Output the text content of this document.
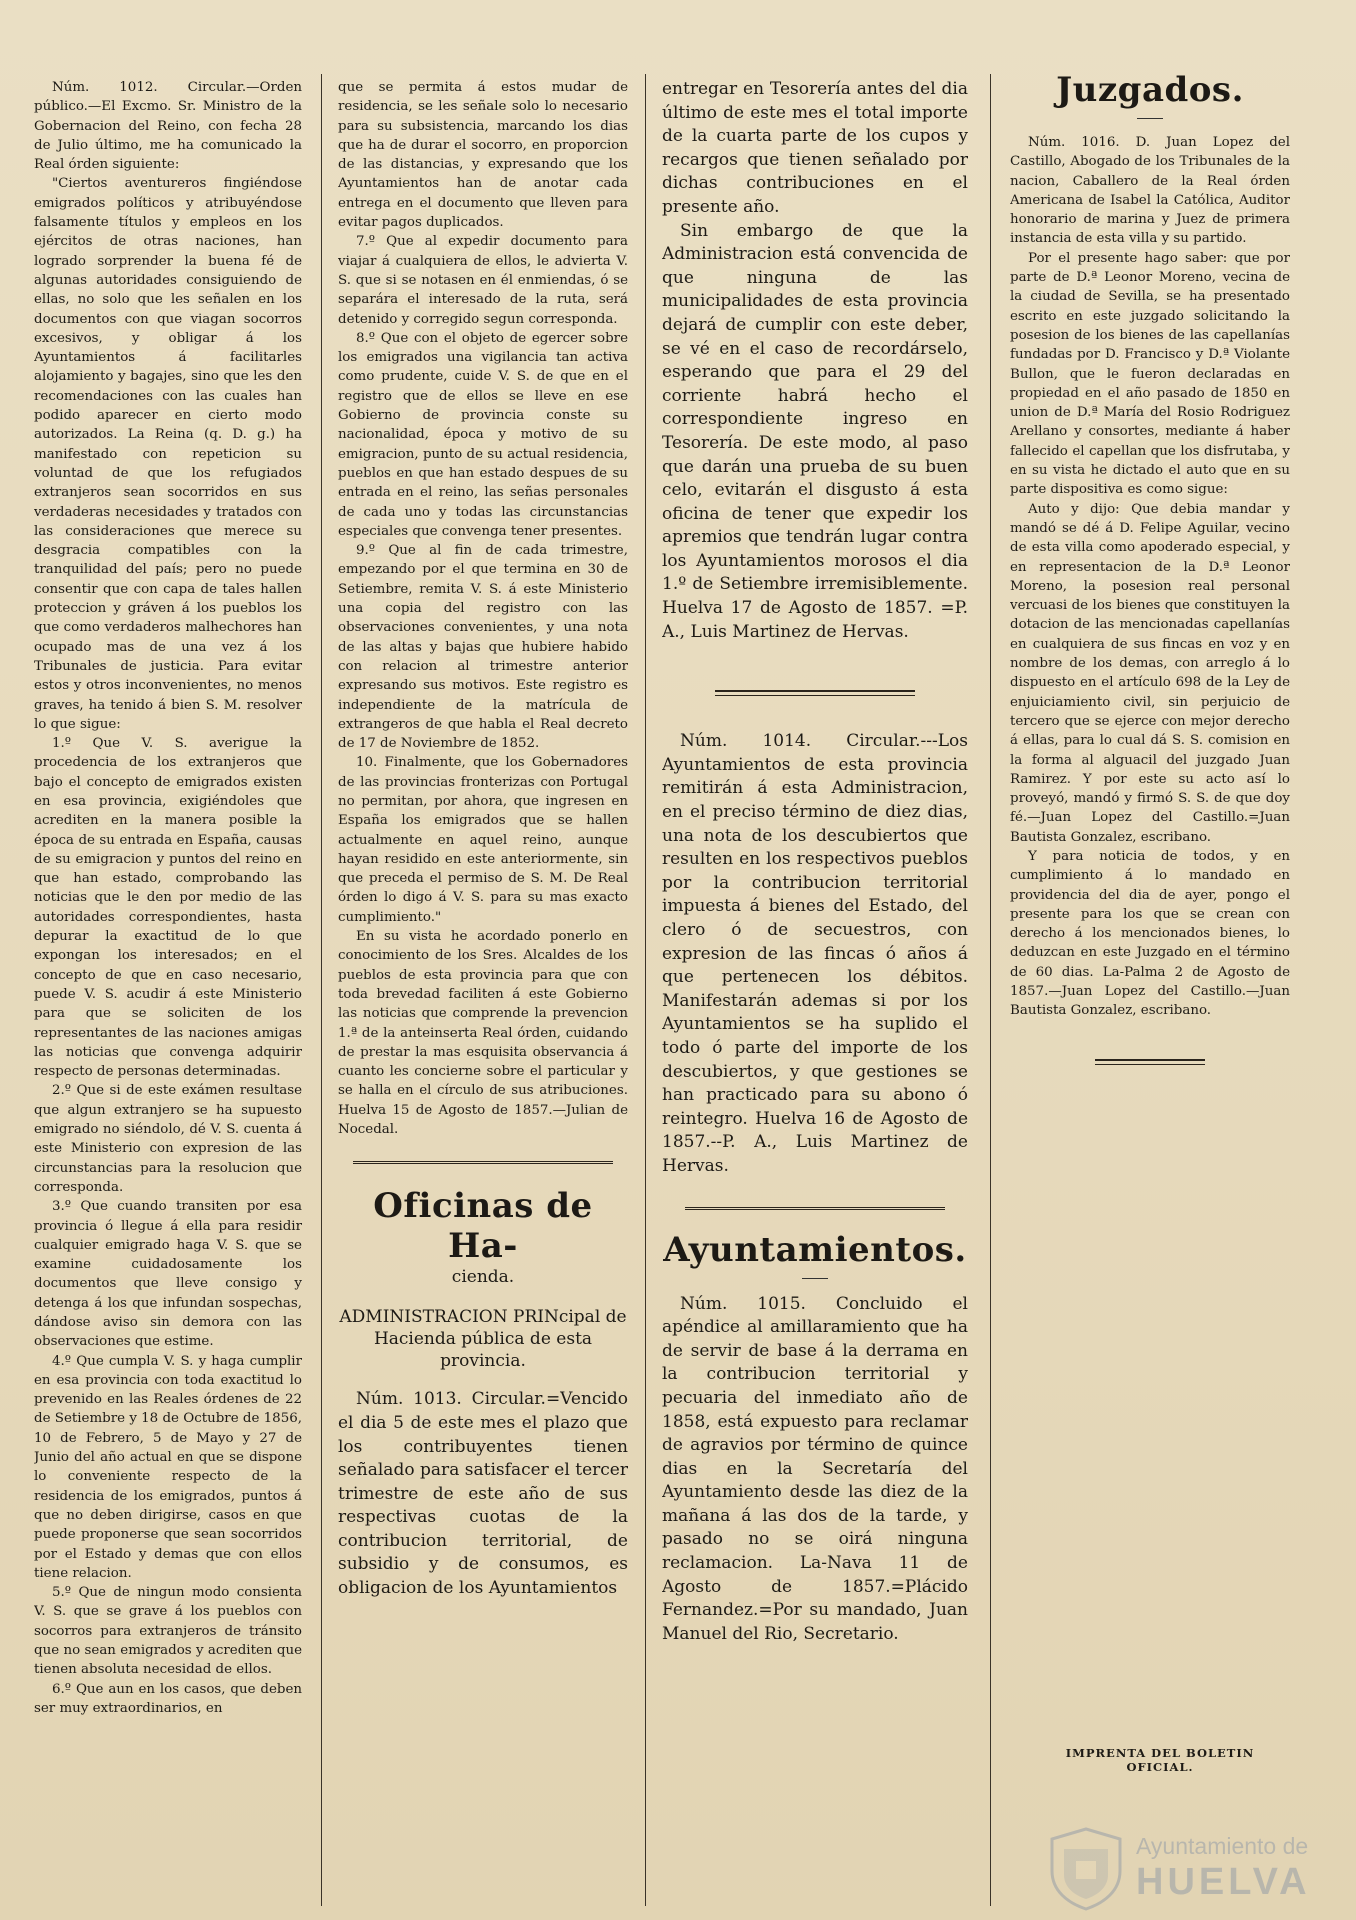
Núm. 1012. Circular.—Orden público.—El Excmo. Sr. Ministro de la Gobernacion del Reino, con fecha 28 de Julio último, me ha comunicado la Real órden siguiente:

"Ciertos aventureros fingiéndose emigrados políticos y atribuyéndose falsamente títulos y empleos en los ejércitos de otras naciones, han logrado sorprender la buena fé de algunas autoridades consiguiendo de ellas, no solo que les señalen en los documentos con que viagan socorros excesivos, y obligar á los Ayuntamientos á facilitarles alojamiento y bagajes, sino que les den recomendaciones con las cuales han podido aparecer en cierto modo autorizados. La Reina (q. D. g.) ha manifestado con repeticion su voluntad de que los refugiados extranjeros sean socorridos en sus verdaderas necesidades y tratados con las consideraciones que merece su desgracia compatibles con la tranquilidad del país; pero no puede consentir que con capa de tales hallen proteccion y gráven á los pueblos los que como verdaderos malhechores han ocupado mas de una vez á los Tribunales de justicia. Para evitar estos y otros inconvenientes, no menos graves, ha tenido á bien S. M. resolver lo que sigue:

1.º Que V. S. averigue la procedencia de los extranjeros que bajo el concepto de emigrados existen en esa provincia, exigiéndoles que acrediten en la manera posible la época de su entrada en España, causas de su emigracion y puntos del reino en que han estado, comprobando las noticias que le den por medio de las autoridades correspondientes, hasta depurar la exactitud de lo que expongan los interesados; en el concepto de que en caso necesario, puede V. S. acudir á este Ministerio para que se soliciten de los representantes de las naciones amigas las noticias que convenga adquirir respecto de personas determinadas.

2.º Que si de este exámen resultase que algun extranjero se ha supuesto emigrado no siéndolo, dé V. S. cuenta á este Ministerio con expresion de las circunstancias para la resolucion que corresponda.

3.º Que cuando transiten por esa provincia ó llegue á ella para residir cualquier emigrado haga V. S. que se examine cuidadosamente los documentos que lleve consigo y detenga á los que infundan sospechas, dándose aviso sin demora con las observaciones que estime.

4.º Que cumpla V. S. y haga cumplir en esa provincia con toda exactitud lo prevenido en las Reales órdenes de 22 de Setiembre y 18 de Octubre de 1856, 10 de Febrero, 5 de Mayo y 27 de Junio del año actual en que se dispone lo conveniente respecto de la residencia de los emigrados, puntos á que no deben dirigirse, casos en que puede proponerse que sean socorridos por el Estado y demas que con ellos tiene relacion.

5.º Que de ningun modo consienta V. S. que se grave á los pueblos con socorros para extranjeros de tránsito que no sean emigrados y acrediten que tienen absoluta necesidad de ellos.

6.º Que aun en los casos, que deben ser muy extraordinarios, en

que se permita á estos mudar de residencia, se les señale solo lo necesario para su subsistencia, marcando los dias que ha de durar el socorro, en proporcion de las distancias, y expresando que los Ayuntamientos han de anotar cada entrega en el documento que lleven para evitar pagos duplicados.

7.º Que al expedir documento para viajar á cualquiera de ellos, le advierta V. S. que si se notasen en él enmiendas, ó se separára el interesado de la ruta, será detenido y corregido segun corresponda.

8.º Que con el objeto de egercer sobre los emigrados una vigilancia tan activa como prudente, cuide V. S. de que en el registro que de ellos se lleve en ese Gobierno de provincia conste su nacionalidad, época y motivo de su emigracion, punto de su actual residencia, pueblos en que han estado despues de su entrada en el reino, las señas personales de cada uno y todas las circunstancias especiales que convenga tener presentes.

9.º Que al fin de cada trimestre, empezando por el que termina en 30 de Setiembre, remita V. S. á este Ministerio una copia del registro con las observaciones convenientes, y una nota de las altas y bajas que hubiere habido con relacion al trimestre anterior expresando sus motivos. Este registro es independiente de la matrícula de extrangeros de que habla el Real decreto de 17 de Noviembre de 1852.

10. Finalmente, que los Gobernadores de las provincias fronterizas con Portugal no permitan, por ahora, que ingresen en España los emigrados que se hallen actualmente en aquel reino, aunque hayan residido en este anteriormente, sin que preceda el permiso de S. M. De Real órden lo digo á V. S. para su mas exacto cumplimiento."

En su vista he acordado ponerlo en conocimiento de los Sres. Alcaldes de los pueblos de esta provincia para que con toda brevedad faciliten á este Gobierno las noticias que comprende la prevencion 1.ª de la anteinserta Real órden, cuidando de prestar la mas esquisita observancia á cuanto les concierne sobre el particular y se halla en el círculo de sus atribuciones. Huelva 15 de Agosto de 1857.—Julian de Nocedal.

Oficinas de Ha-

cienda.

ADMINISTRACION PRINcipal de Hacienda pública de esta provincia.

Núm. 1013. Circular.=Vencido el dia 5 de este mes el plazo que los contribuyentes tienen señalado para satisfacer el tercer trimestre de este año de sus respectivas cuotas de la contribucion territorial, de subsidio y de consumos, es obligacion de los Ayuntamientos

entregar en Tesorería antes del dia último de este mes el total importe de la cuarta parte de los cupos y recargos que tienen señalado por dichas contribuciones en el presente año.

Sin embargo de que la Administracion está convencida de que ninguna de las municipalidades de esta provincia dejará de cumplir con este deber, se vé en el caso de recordárselo, esperando que para el 29 del corriente habrá hecho el correspondiente ingreso en Tesorería. De este modo, al paso que darán una prueba de su buen celo, evitarán el disgusto á esta oficina de tener que expedir los apremios que tendrán lugar contra los Ayuntamientos morosos el dia 1.º de Setiembre irremisiblemente. Huelva 17 de Agosto de 1857. =P. A., Luis Martinez de Hervas.

Núm. 1014. Circular.---Los Ayuntamientos de esta provincia remitirán á esta Administracion, en el preciso término de diez dias, una nota de los descubiertos que resulten en los respectivos pueblos por la contribucion territorial impuesta á bienes del Estado, del clero ó de secuestros, con expresion de las fincas ó años á que pertenecen los débitos. Manifestarán ademas si por los Ayuntamientos se ha suplido el todo ó parte del importe de los descubiertos, y que gestiones se han practicado para su abono ó reintegro. Huelva 16 de Agosto de 1857.--P. A., Luis Martinez de Hervas.

Ayuntamientos.

Núm. 1015. Concluido el apéndice al amillaramiento que ha de servir de base á la derrama en la contribucion territorial y pecuaria del inmediato año de 1858, está expuesto para reclamar de agravios por término de quince dias en la Secretaría del Ayuntamiento desde las diez de la mañana á las dos de la tarde, y pasado no se oirá ninguna reclamacion. La-Nava 11 de Agosto de 1857.=Plácido Fernandez.=Por su mandado, Juan Manuel del Rio, Secretario.

Juzgados.

Núm. 1016. D. Juan Lopez del Castillo, Abogado de los Tribunales de la nacion, Caballero de la Real órden Americana de Isabel la Católica, Auditor honorario de marina y Juez de primera instancia de esta villa y su partido.

Por el presente hago saber: que por parte de D.ª Leonor Moreno, vecina de la ciudad de Sevilla, se ha presentado escrito en este juzgado solicitando la posesion de los bienes de las capellanías fundadas por D. Francisco y D.ª Violante Bullon, que le fueron declaradas en propiedad en el año pasado de 1850 en union de D.ª María del Rosio Rodriguez Arellano y consortes, mediante á haber fallecido el capellan que los disfrutaba, y en su vista he dictado el auto que en su parte dispositiva es como sigue:

Auto y dijo: Que debia mandar y mandó se dé á D. Felipe Aguilar, vecino de esta villa como apoderado especial, y en representacion de la D.ª Leonor Moreno, la posesion real personal vercuasi de los bienes que constituyen la dotacion de las mencionadas capellanías en cualquiera de sus fincas en voz y en nombre de los demas, con arreglo á lo dispuesto en el artículo 698 de la Ley de enjuiciamiento civil, sin perjuicio de tercero que se ejerce con mejor derecho á ellas, para lo cual dá S. S. comision en la forma al alguacil del juzgado Juan Ramirez. Y por este su acto así lo proveyó, mandó y firmó S. S. de que doy fé.—Juan Lopez del Castillo.=Juan Bautista Gonzalez, escribano.

Y para noticia de todos, y en cumplimiento á lo mandado en providencia del dia de ayer, pongo el presente para los que se crean con derecho á los mencionados bienes, lo deduzcan en este Juzgado en el término de 60 dias. La-Palma 2 de Agosto de 1857.—Juan Lopez del Castillo.—Juan Bautista Gonzalez, escribano.

IMPRENTA DEL BOLETIN OFICIAL.
Ayuntamiento de
HUELVA
